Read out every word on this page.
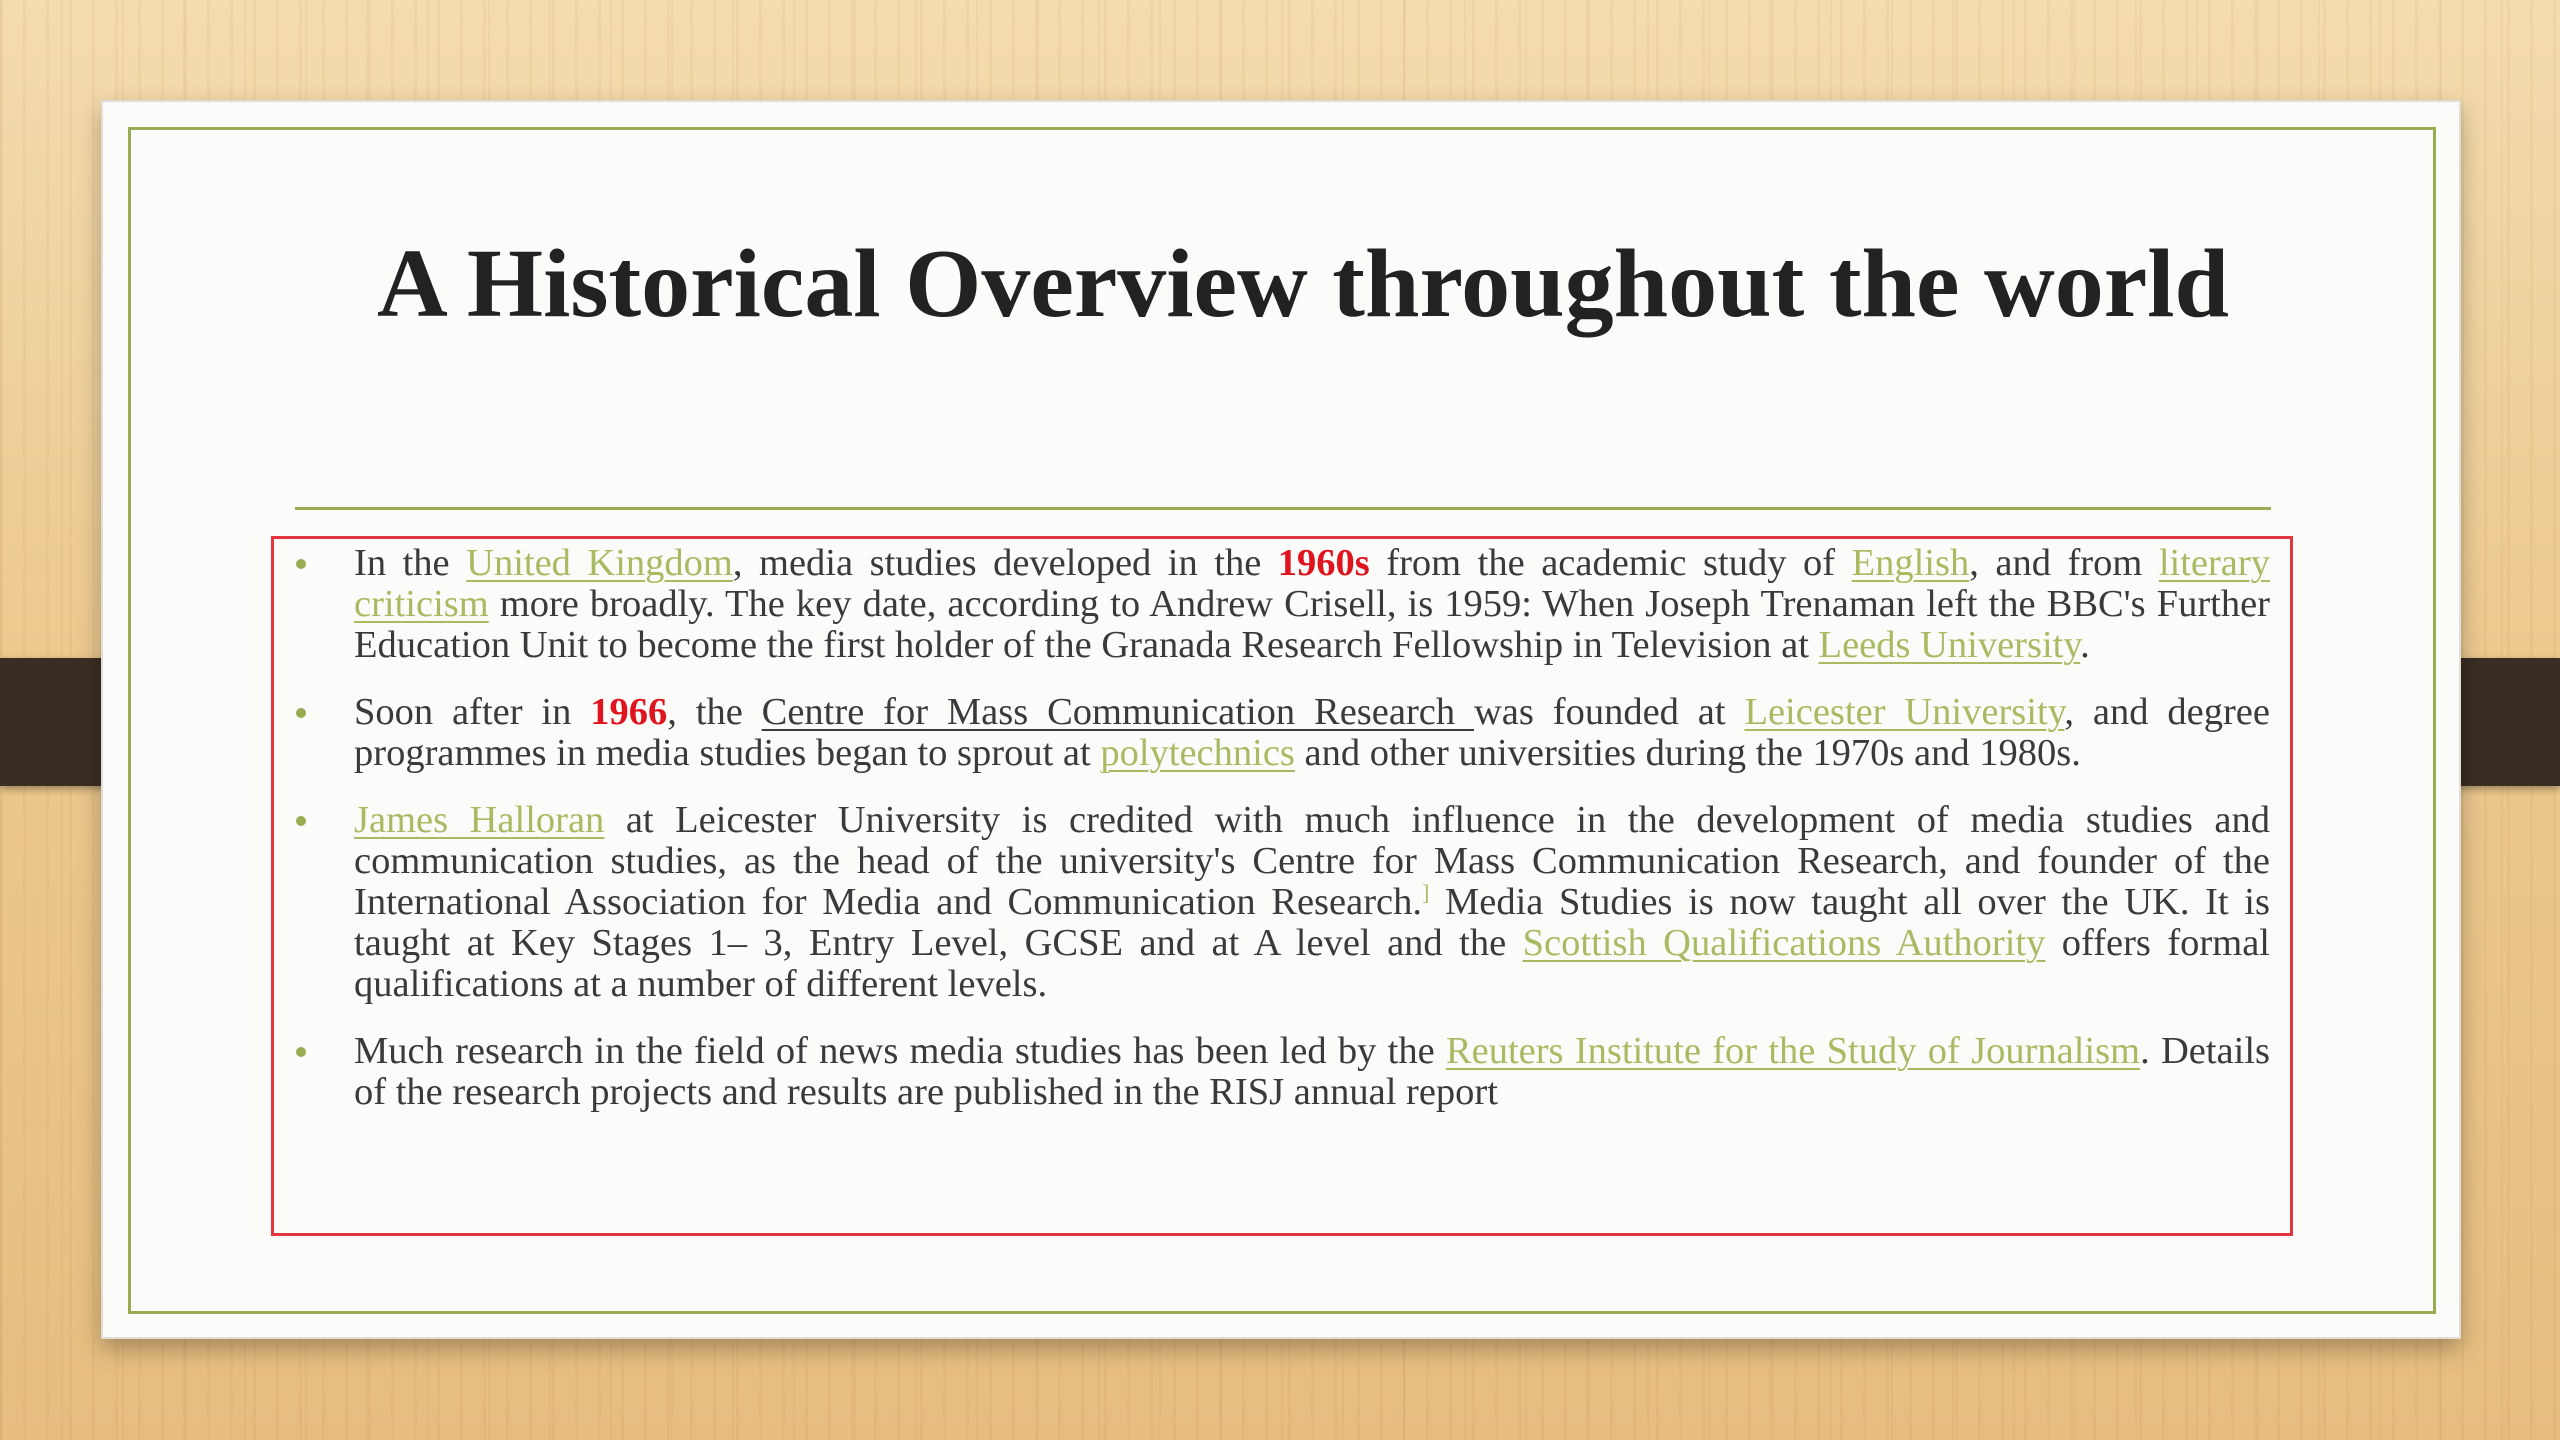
A Historical Overview throughout the world

In the United Kingdom, media studies developed in the 1960s from the academic study of English, and from literary criticism more broadly. The key date, according to Andrew Crisell, is 1959: When Joseph Trenaman left the BBC's Further Education Unit to become the first holder of the Granada Research Fellowship in Television at Leeds University.

Soon after in 1966, the Centre for Mass Communication Research was founded at Leicester University, and degree programmes in media studies began to sprout at polytechnics and other universities during the 1970s and 1980s.

James Halloran at Leicester University is credited with much influence in the development of media studies and communication studies, as the head of the university's Centre for Mass Communication Research, and founder of the International Association for Media and Communication Research.] Media Studies is now taught all over the UK. It is taught at Key Stages 1– 3, Entry Level, GCSE and at A level and the Scottish Qualifications Authority offers formal qualifications at a number of different levels.

Much research in the field of news media studies has been led by the Reuters Institute for the Study of Journalism. Details of the research projects and results are published in the RISJ annual report
